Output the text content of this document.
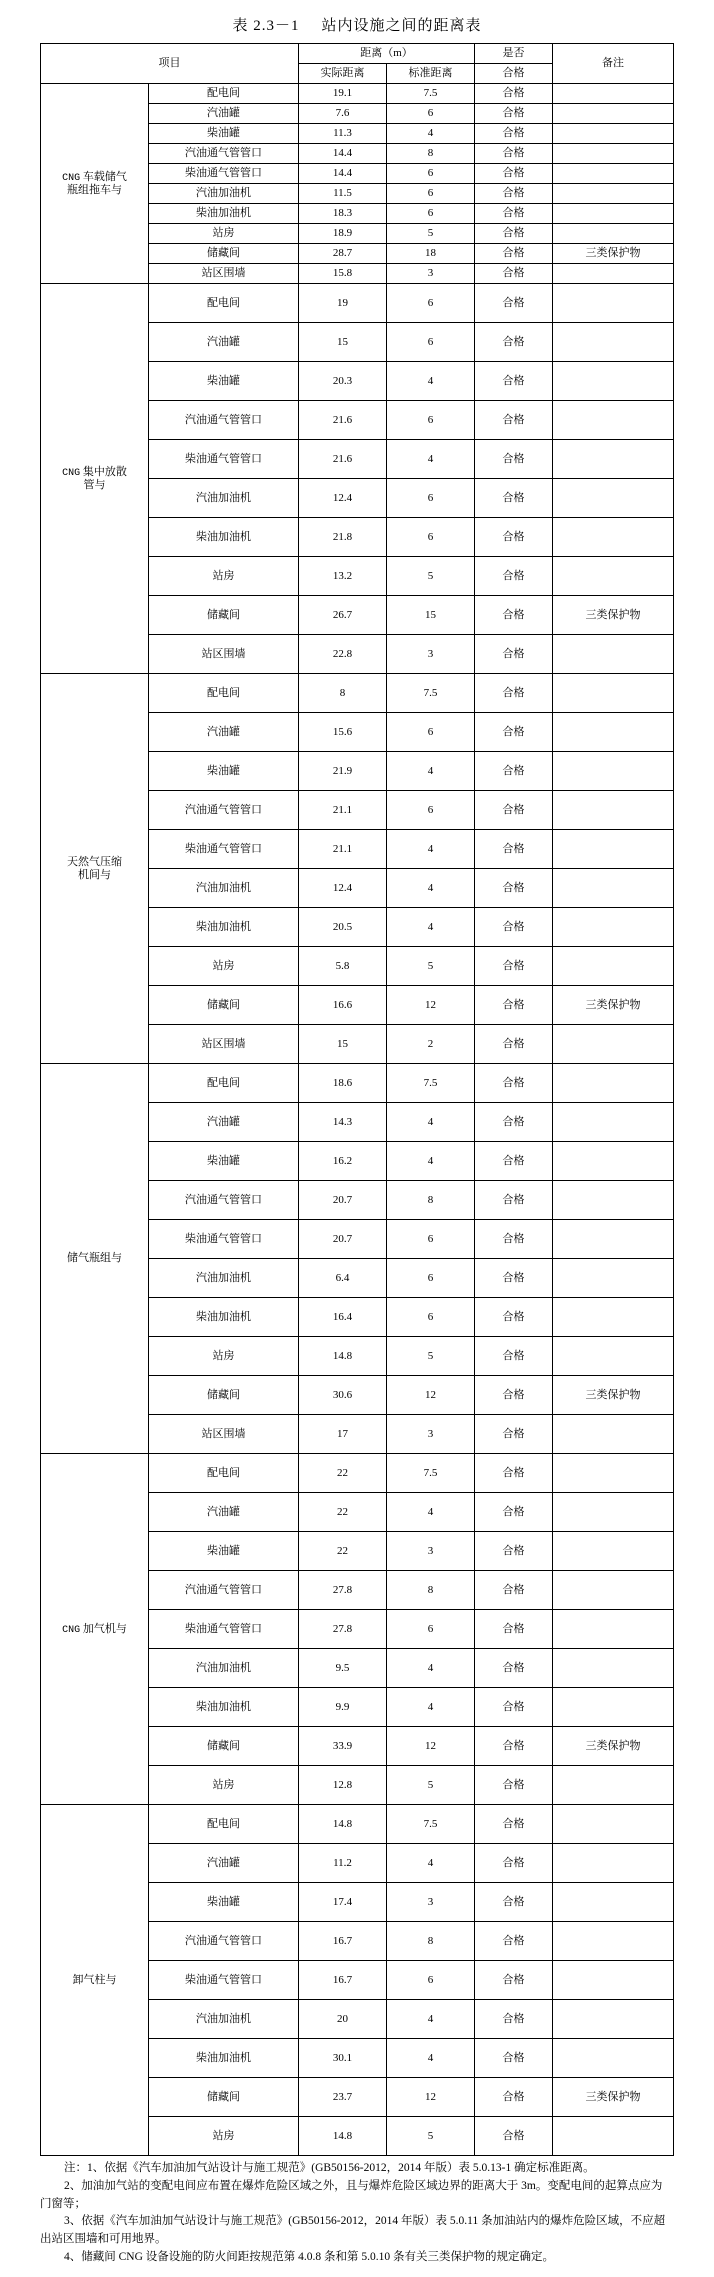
表 2.3－1 站内设施之间的距离表
项目		距离（m）		是否	备注
		实际距离	标准距离	合格	

CNG 车载储气
瓶组拖车与	配电间	19.1	7.5	合格	
	汽油罐	7.6	6	合格	
	柴油罐	11.3	4	合格	
	汽油通气管管口	14.4	8	合格	
	柴油通气管管口	14.4	6	合格	
	汽油加油机	11.5	6	合格	
	柴油加油机	18.3	6	合格	
	站房	18.9	5	合格	
	储藏间	28.7	18	合格	三类保护物
	站区围墙	15.8	3	合格	

CNG 集中放散
管与	配电间	19	6	合格	
	汽油罐	15	6	合格	
	柴油罐	20.3	4	合格	
	汽油通气管管口	21.6	6	合格	
	柴油通气管管口	21.6	4	合格	
	汽油加油机	12.4	6	合格	
	柴油加油机	21.8	6	合格	
	站房	13.2	5	合格	
	储藏间	26.7	15	合格	三类保护物
	站区围墙	22.8	3	合格	

天然气压缩
机间与	配电间	8	7.5	合格	
	汽油罐	15.6	6	合格	
	柴油罐	21.9	4	合格	
	汽油通气管管口	21.1	6	合格	
	柴油通气管管口	21.1	4	合格	
	汽油加油机	12.4	4	合格	
	柴油加油机	20.5	4	合格	
	站房	5.8	5	合格	
	储藏间	16.6	12	合格	三类保护物
	站区围墙	15	2	合格	

储气瓶组与	配电间	18.6	7.5	合格	
	汽油罐	14.3	4	合格	
	柴油罐	16.2	4	合格	
	汽油通气管管口	20.7	8	合格	
	柴油通气管管口	20.7	6	合格	
	汽油加油机	6.4	6	合格	
	柴油加油机	16.4	6	合格	
	站房	14.8	5	合格	
	储藏间	30.6	12	合格	三类保护物
	站区围墙	17	3	合格	

CNG 加气机与	配电间	22	7.5	合格	
	汽油罐	22	4	合格	
	柴油罐	22	3	合格	
	汽油通气管管口	27.8	8	合格	
	柴油通气管管口	27.8	6	合格	
	汽油加油机	9.5	4	合格	
	柴油加油机	9.9	4	合格	
	储藏间	33.9	12	合格	三类保护物
	站房	12.8	5	合格	

卸气柱与	配电间	14.8	7.5	合格	
	汽油罐	11.2	4	合格	
	柴油罐	17.4	3	合格	
	汽油通气管管口	16.7	8	合格	
	柴油通气管管口	16.7	6	合格	
	汽油加油机	20	4	合格	
	柴油加油机	30.1	4	合格	
	储藏间	23.7	12	合格	三类保护物
	站房	14.8	5	合格	

注：1、依据《汽车加油加气站设计与施工规范》(GB50156-2012，2014 年版）表 5.0.13-1 确定标准距离。

2、加油加气站的变配电间应布置在爆炸危险区域之外，且与爆炸危险区域边界的距离大于 3m。变配电间的起算点应为门窗等；

3、依据《汽车加油加气站设计与施工规范》(GB50156-2012，2014 年版）表 5.0.11 条加油站内的爆炸危险区域，不应超出站区围墙和可用地界。

4、储藏间 CNG 设备设施的防火间距按规范第 4.0.8 条和第 5.0.10 条有关三类保护物的规定确定。
